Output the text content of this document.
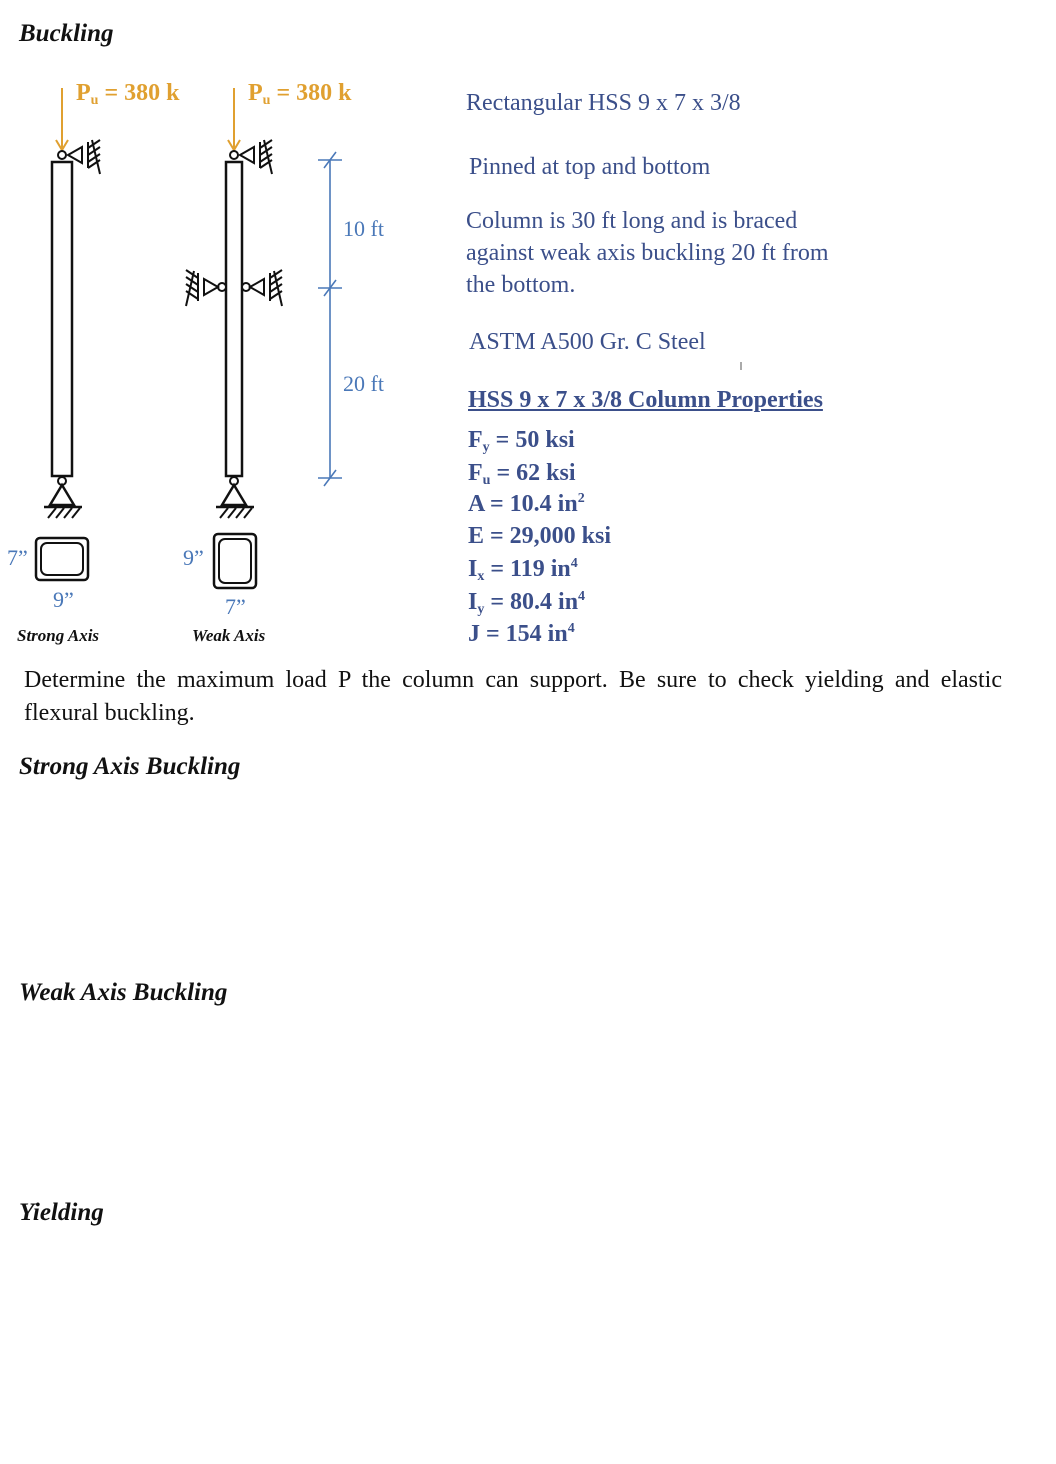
Buckling
$P_u = 380$ k	$P_u = 380$ k
10 ft
20 ft
7”
9”
Strong Axis
9”
7”
Weak Axis
Rectangular HSS 9 x 7 x 3/8
Pinned at top and bottom
Column is 30 ft long and is braced against weak axis buckling 20 ft from the bottom.
ASTM A500 Gr. C Steel
HSS 9 x 7 x 3/8 Column Properties
$F_y = 50$ ksi
$F_u = 62$ ksi
A = 10.4 $in^2$
E = 29,000 ksi
$I_x = 119$ $in^4$
$I_y = 80.4$ $in^4$
J = 154 $in^4$
Determine the maximum load P the column can support. Be sure to check yielding and elastic flexural buckling.
Strong Axis Buckling
Weak Axis Buckling
Yielding
